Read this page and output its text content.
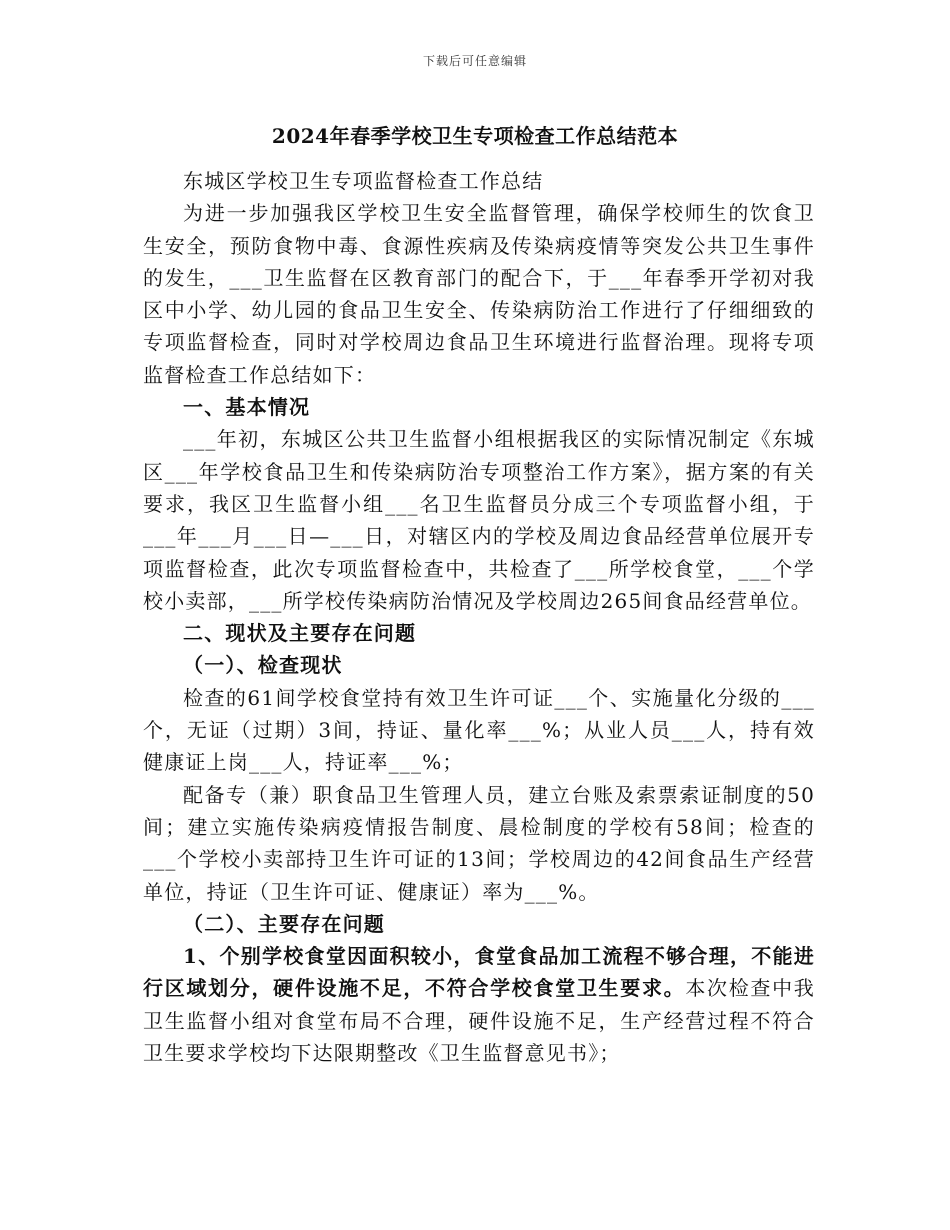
下载后可任意编辑
2024年春季学校卫生专项检查工作总结范本

东城区学校卫生专项监督检查工作总结

为进一步加强我区学校卫生安全监督管理，确保学校师生的饮食卫生安全，预防食物中毒、食源性疾病及传染病疫情等突发公共卫生事件的发生，___卫生监督在区教育部门的配合下，于___年春季开学初对我区中小学、幼儿园的食品卫生安全、传染病防治工作进行了仔细细致的专项监督检查，同时对学校周边食品卫生环境进行监督治理。现将专项监督检查工作总结如下：

一、基本情况

___年初，东城区公共卫生监督小组根据我区的实际情况制定《东城区___年学校食品卫生和传染病防治专项整治工作方案》，据方案的有关要求，我区卫生监督小组___名卫生监督员分成三个专项监督小组，于___年___月___日—___日，对辖区内的学校及周边食品经营单位展开专项监督检查，此次专项监督检查中，共检查了___所学校食堂，___个学校小卖部，___所学校传染病防治情况及学校周边265间食品经营单位。

二、现状及主要存在问题

（一）、检查现状

检查的61间学校食堂持有效卫生许可证___个、实施量化分级的___个，无证（过期）3间，持证、量化率___%；从业人员___人，持有效健康证上岗___人，持证率___%；

配备专（兼）职食品卫生管理人员，建立台账及索票索证制度的50间；建立实施传染病疫情报告制度、晨检制度的学校有58间；检查的___个学校小卖部持卫生许可证的13间；学校周边的42间食品生产经营单位，持证（卫生许可证、健康证）率为___%。

（二）、主要存在问题

1、个别学校食堂因面积较小，食堂食品加工流程不够合理，不能进行区域划分，硬件设施不足，不符合学校食堂卫生要求。本次检查中我卫生监督小组对食堂布局不合理，硬件设施不足，生产经营过程不符合卫生要求学校均下达限期整改《卫生监督意见书》；
